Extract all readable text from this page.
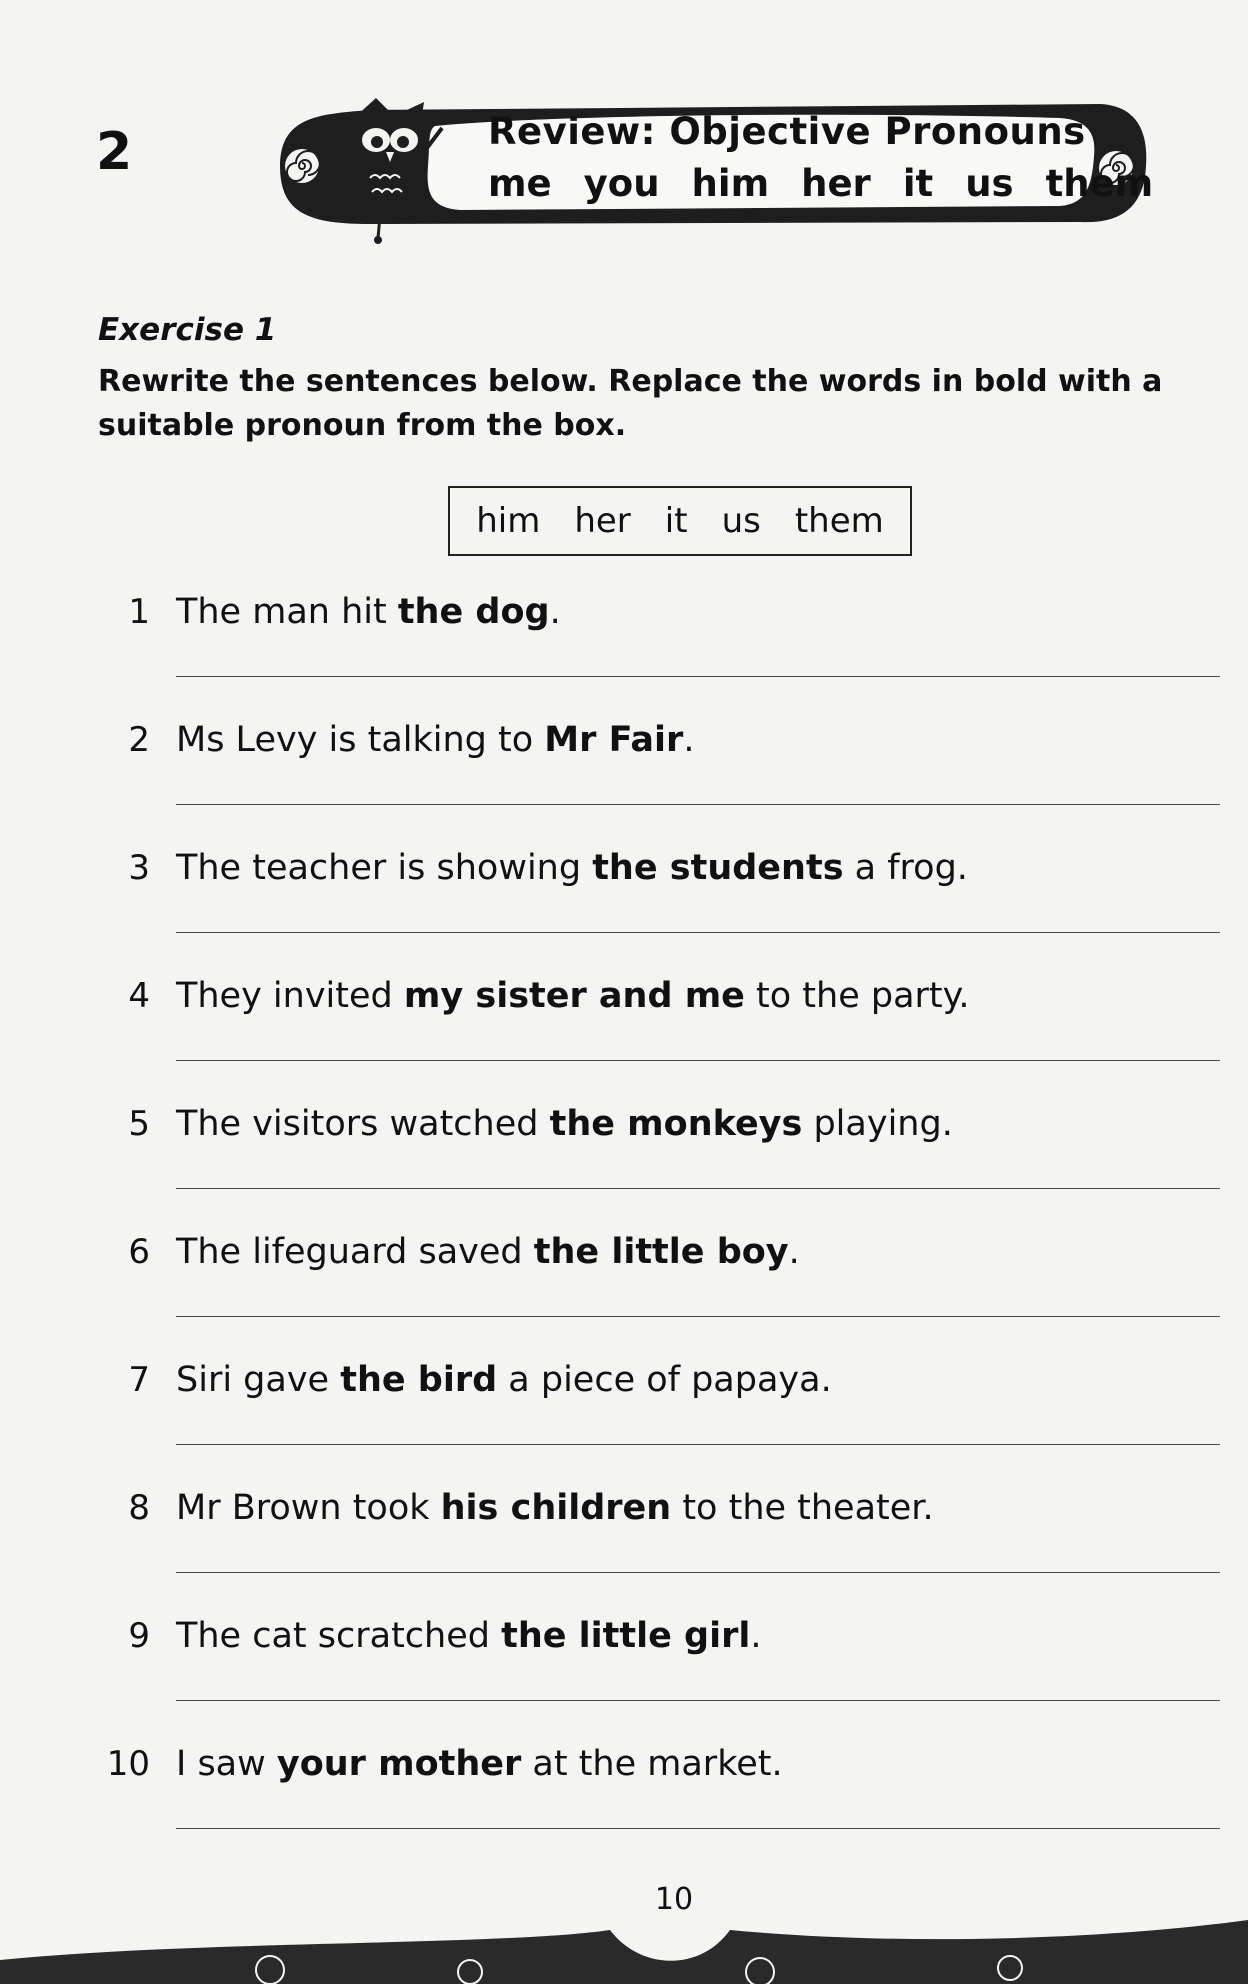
2	Review: Objective Pronouns
me you him her it us them
Exercise 1
Rewrite the sentences below. Replace the words in bold with a suitable pronoun from the box.
him her it us them
1 The man hit the dog.
2 Ms Levy is talking to Mr Fair.
3 The teacher is showing the students a frog.
4 They invited my sister and me to the party.
5 The visitors watched the monkeys playing.
6 The lifeguard saved the little boy.
7 Siri gave the bird a piece of papaya.
8 Mr Brown took his children to the theater.
9 The cat scratched the little girl.
10 I saw your mother at the market.
10
